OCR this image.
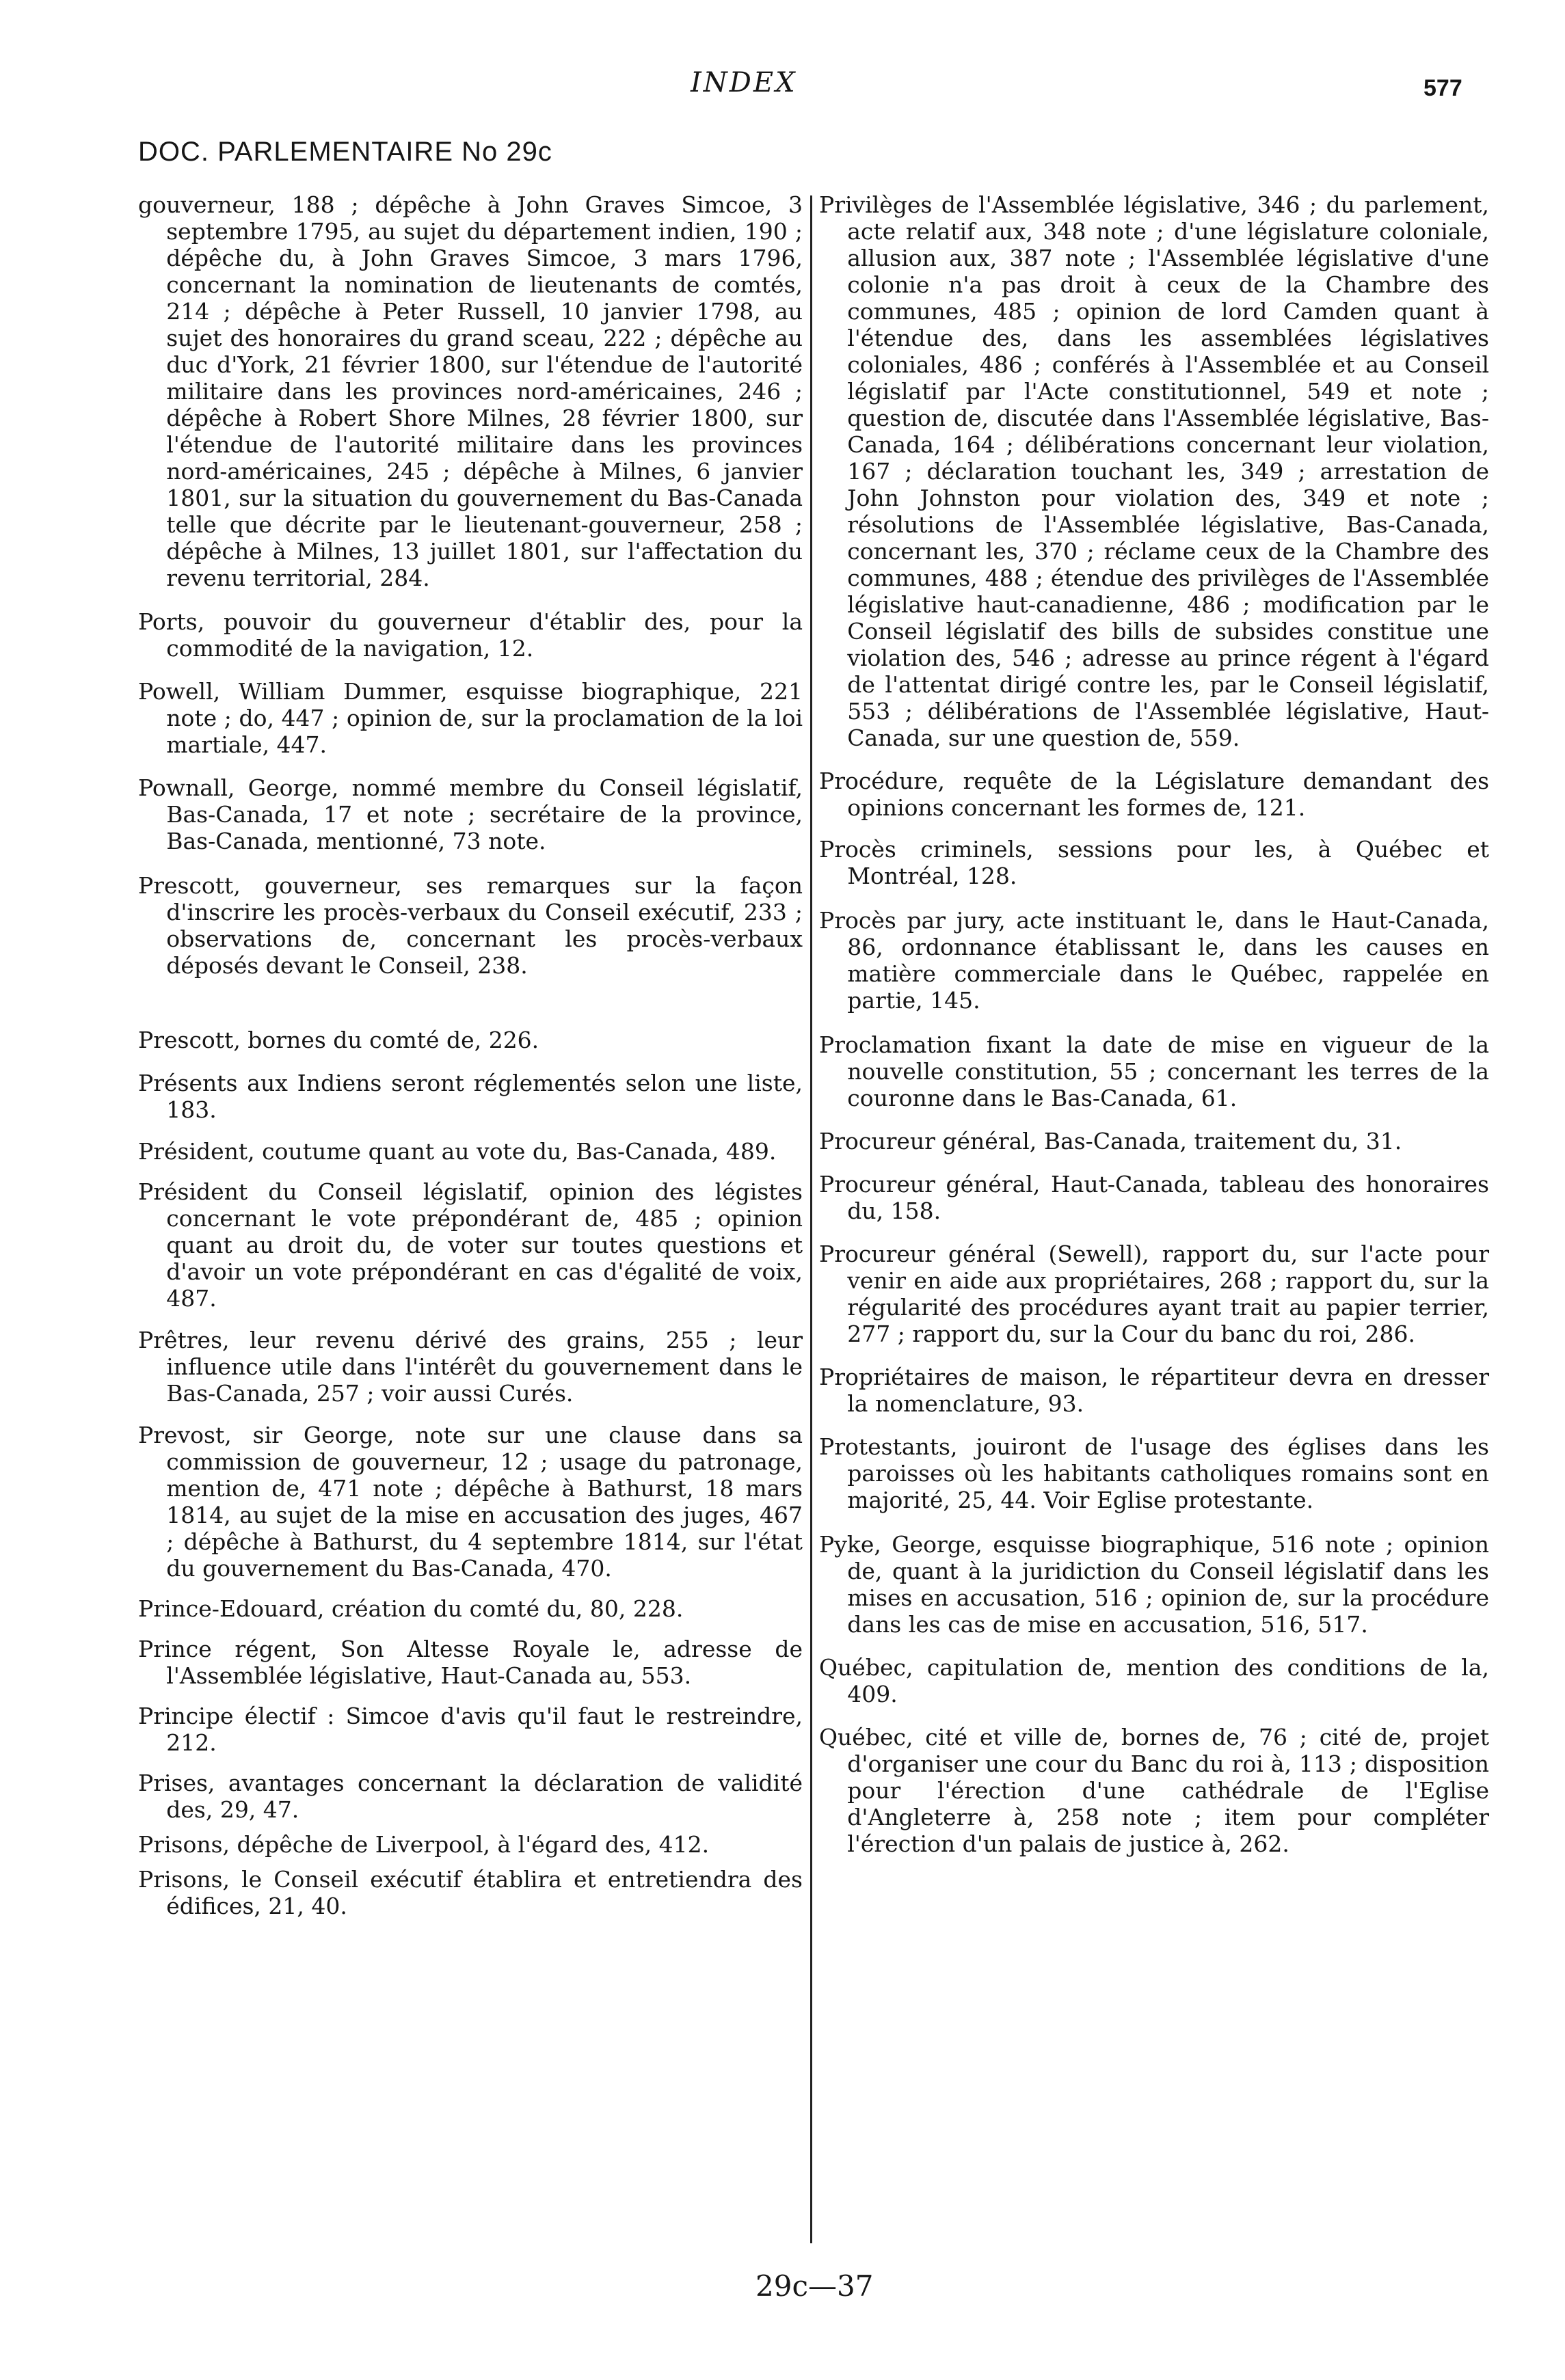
INDEX	577
DOC. PARLEMENTAIRE No 29c

gouverneur, 188 ; dépêche à John Graves Simcoe, 3 septembre 1795, au sujet du département indien, 190 ; dépêche du, à John Graves Simcoe, 3 mars 1796, concernant la nomination de lieutenants de comtés, 214 ; dépêche à Peter Russell, 10 janvier 1798, au sujet des honoraires du grand sceau, 222 ; dépêche au duc d'York, 21 février 1800, sur l'étendue de l'autorité militaire dans les provinces nord-américaines, 246 ; dépêche à Robert Shore Milnes, 28 février 1800, sur l'étendue de l'autorité militaire dans les provinces nord-américaines, 245 ; dépêche à Milnes, 6 janvier 1801, sur la situation du gouvernement du Bas-Canada telle que décrite par le lieutenant-gouverneur, 258 ; dépêche à Milnes, 13 juillet 1801, sur l'affectation du revenu territorial, 284.

Ports, pouvoir du gouverneur d'établir des, pour la commodité de la navigation, 12.

Powell, William Dummer, esquisse biographique, 221 note ; do, 447 ; opinion de, sur la proclamation de la loi martiale, 447.

Pownall, George, nommé membre du Conseil législatif, Bas-Canada, 17 et note ; secrétaire de la province, Bas-Canada, mentionné, 73 note.

Prescott, gouverneur, ses remarques sur la façon d'inscrire les procès-verbaux du Conseil exécutif, 233 ; observations de, concernant les procès-verbaux déposés devant le Conseil, 238.

Prescott, bornes du comté de, 226.

Présents aux Indiens seront réglementés selon une liste, 183.

Président, coutume quant au vote du, Bas-Canada, 489.

Président du Conseil législatif, opinion des légistes concernant le vote prépondérant de, 485 ; opinion quant au droit du, de voter sur toutes questions et d'avoir un vote prépondérant en cas d'égalité de voix, 487.

Prêtres, leur revenu dérivé des grains, 255 ; leur influence utile dans l'intérêt du gouvernement dans le Bas-Canada, 257 ; voir aussi Curés.

Prevost, sir George, note sur une clause dans sa commission de gouverneur, 12 ; usage du patronage, mention de, 471 note ; dépêche à Bathurst, 18 mars 1814, au sujet de la mise en accusation des juges, 467 ; dépêche à Bathurst, du 4 septembre 1814, sur l'état du gouvernement du Bas-Canada, 470.

Prince-Edouard, création du comté du, 80, 228.

Prince régent, Son Altesse Royale le, adresse de l'Assemblée législative, Haut-Canada au, 553.

Principe électif : Simcoe d'avis qu'il faut le restreindre, 212.

Prises, avantages concernant la déclaration de validité des, 29, 47.

Prisons, dépêche de Liverpool, à l'égard des, 412.

Prisons, le Conseil exécutif établira et entretiendra des édifices, 21, 40.

Privilèges de l'Assemblée législative, 346 ; du parlement, acte relatif aux, 348 note ; d'une législature coloniale, allusion aux, 387 note ; l'Assemblée législative d'une colonie n'a pas droit à ceux de la Chambre des communes, 485 ; opinion de lord Camden quant à l'étendue des, dans les assemblées législatives coloniales, 486 ; conférés à l'Assemblée et au Conseil législatif par l'Acte constitutionnel, 549 et note ; question de, discutée dans l'Assemblée législative, Bas-Canada, 164 ; délibérations concernant leur violation, 167 ; déclaration touchant les, 349 ; arrestation de John Johnston pour violation des, 349 et note ; résolutions de l'Assemblée législative, Bas-Canada, concernant les, 370 ; réclame ceux de la Chambre des communes, 488 ; étendue des privilèges de l'Assemblée législative haut-canadienne, 486 ; modification par le Conseil législatif des bills de subsides constitue une violation des, 546 ; adresse au prince régent à l'égard de l'attentat dirigé contre les, par le Conseil législatif, 553 ; délibérations de l'Assemblée législative, Haut-Canada, sur une question de, 559.

Procédure, requête de la Législature demandant des opinions concernant les formes de, 121.

Procès criminels, sessions pour les, à Québec et Montréal, 128.

Procès par jury, acte instituant le, dans le Haut-Canada, 86, ordonnance établissant le, dans les causes en matière commerciale dans le Québec, rappelée en partie, 145.

Proclamation fixant la date de mise en vigueur de la nouvelle constitution, 55 ; concernant les terres de la couronne dans le Bas-Canada, 61.

Procureur général, Bas-Canada, traitement du, 31.

Procureur général, Haut-Canada, tableau des honoraires du, 158.

Procureur général (Sewell), rapport du, sur l'acte pour venir en aide aux propriétaires, 268 ; rapport du, sur la régularité des procédures ayant trait au papier terrier, 277 ; rapport du, sur la Cour du banc du roi, 286.

Propriétaires de maison, le répartiteur devra en dresser la nomenclature, 93.

Protestants, jouiront de l'usage des églises dans les paroisses où les habitants catholiques romains sont en majorité, 25, 44. Voir Eglise protestante.

Pyke, George, esquisse biographique, 516 note ; opinion de, quant à la juridiction du Conseil législatif dans les mises en accusation, 516 ; opinion de, sur la procédure dans les cas de mise en accusation, 516, 517.

Québec, capitulation de, mention des conditions de la, 409.

Québec, cité et ville de, bornes de, 76 ; cité de, projet d'organiser une cour du Banc du roi à, 113 ; disposition pour l'érection d'une cathédrale de l'Eglise d'Angleterre à, 258 note ; item pour compléter l'érection d'un palais de justice à, 262.

29c—37
